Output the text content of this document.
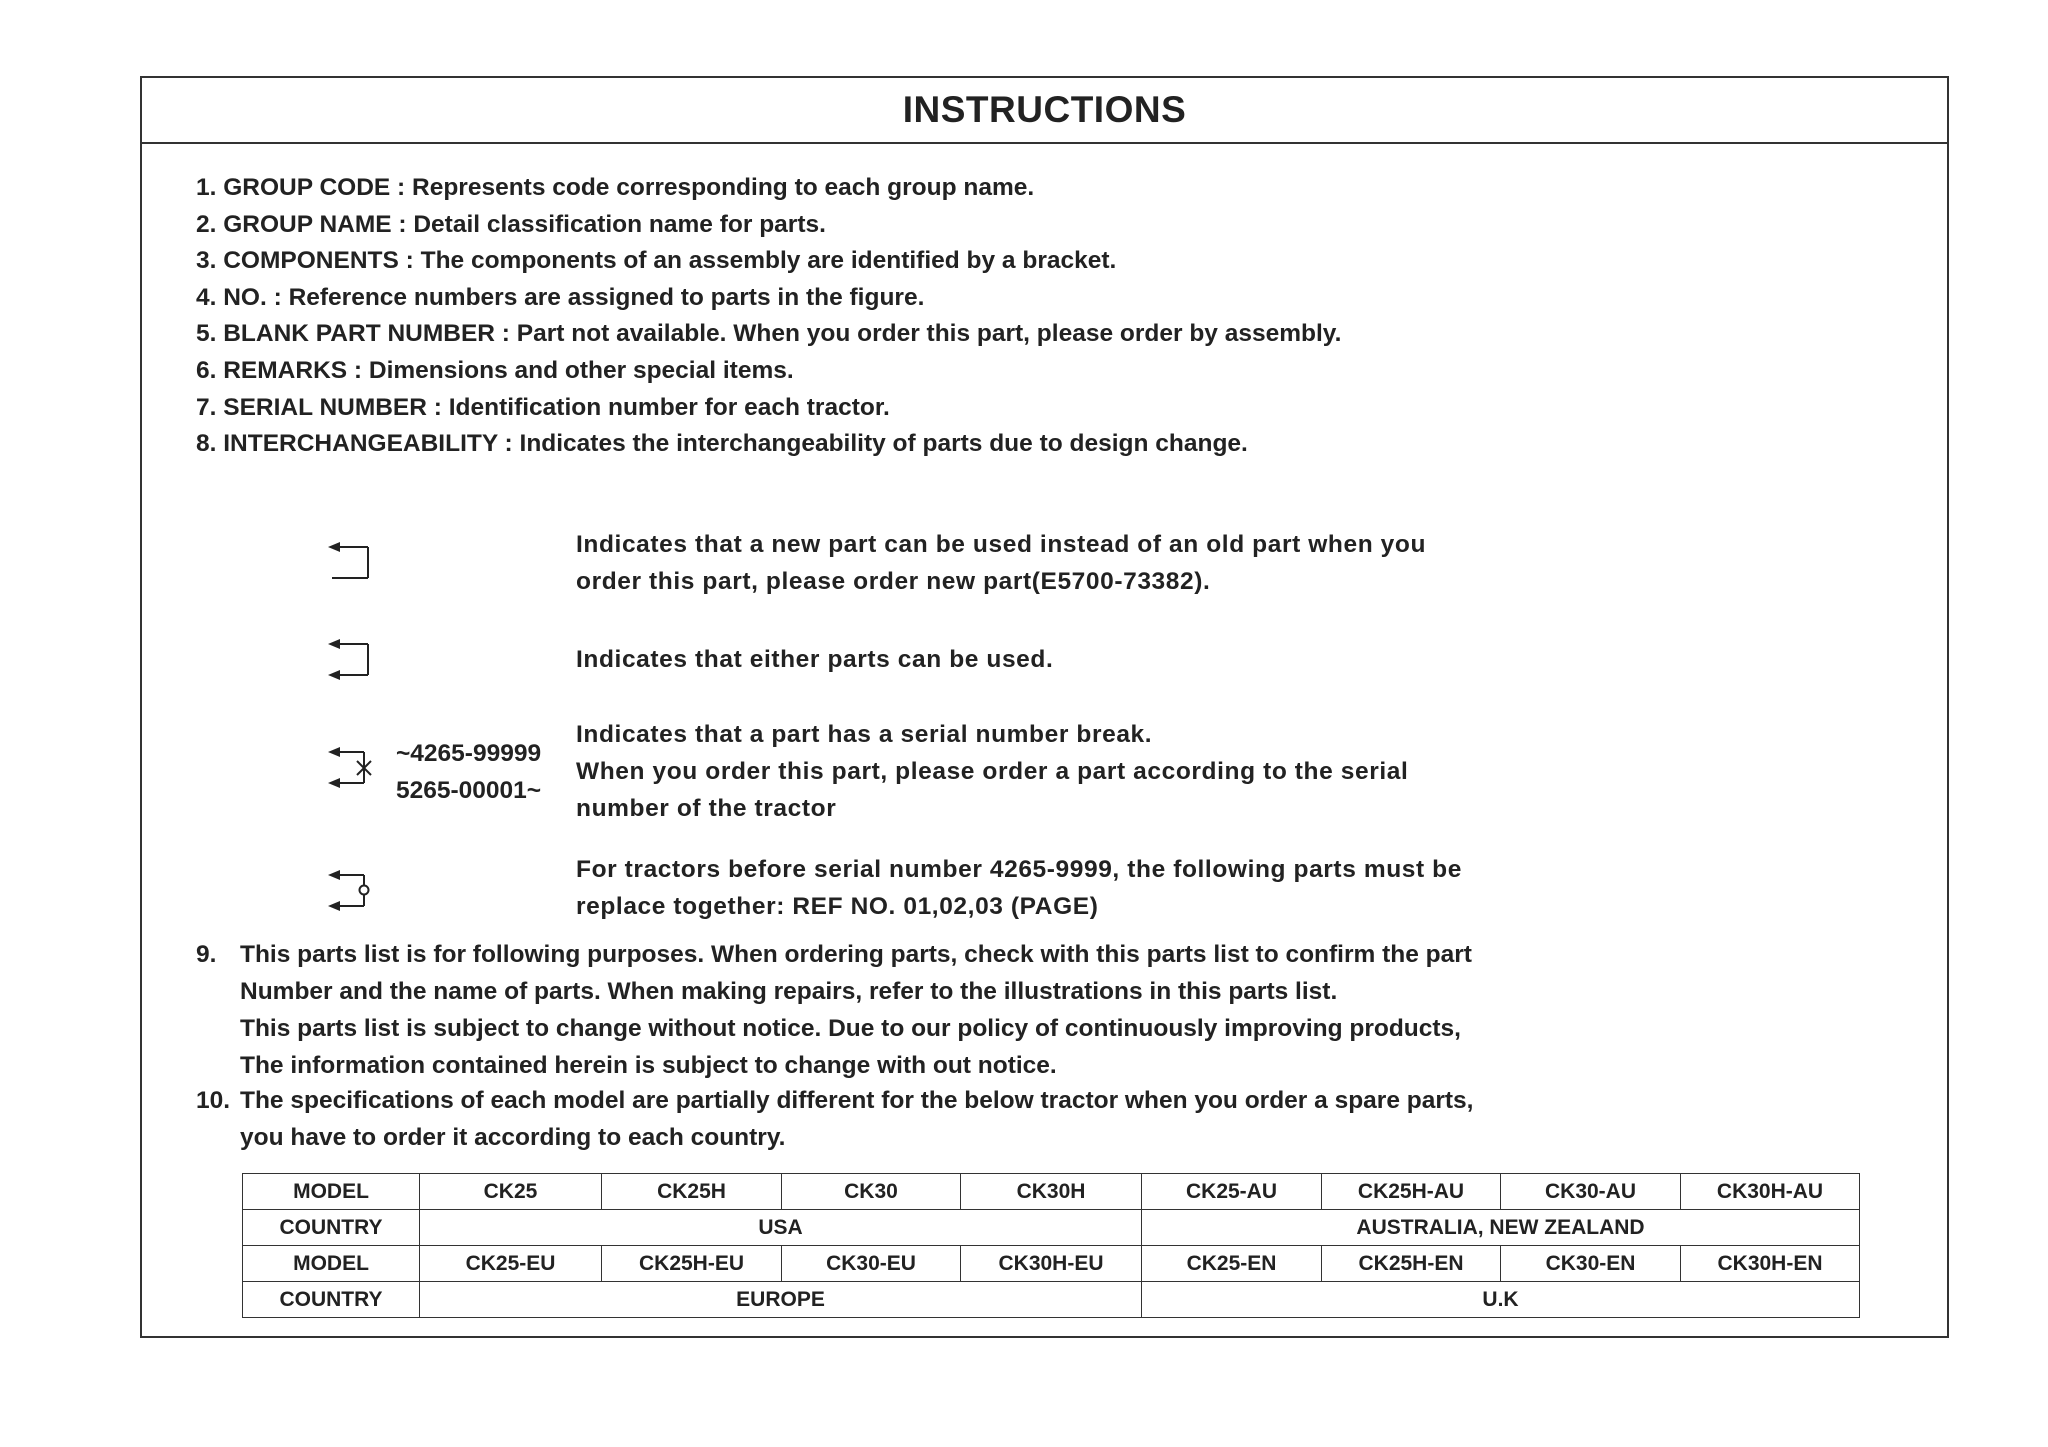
INSTRUCTIONS
1. GROUP CODE : Represents code corresponding to each group name.
2. GROUP NAME : Detail classification name for parts.
3. COMPONENTS : The components of an assembly are identified by a bracket.
4. NO. : Reference numbers are assigned to parts in the figure.
5. BLANK PART NUMBER : Part not available. When you order this part, please order by assembly.
6. REMARKS : Dimensions and other special items.
7. SERIAL NUMBER : Identification number for each tractor.
8. INTERCHANGEABILITY : Indicates the interchangeability of parts due to design change.
Indicates that a new part can be used instead of an old part when you
order this part, please order new part(E5700-73382).
Indicates that either parts can be used.
~4265-99999
5265-00001~
Indicates that a part has a serial number break.
When you order this part, please order a part according to the serial
number of the tractor
For tractors before serial number 4265-9999, the following parts must be
replace together: REF NO. 01,02,03 (PAGE)
9. This parts list is for following purposes. When ordering parts, check with this parts list to confirm the part
Number and the name of parts. When making repairs, refer to the illustrations in this parts list.
This parts list is subject to change without notice. Due to our policy of continuously improving products,
The information contained herein is subject to change with out notice.
10. The specifications of each model are partially different for the below tractor when you order a spare parts,
you have to order it according to each country.
MODEL	CK25	CK25H	CK30	CK30H	CK25-AU	CK25H-AU	CK30-AU	CK30H-AU
COUNTRY	USA				AUSTRALIA, NEW ZEALAND			
MODEL	CK25-EU	CK25H-EU	CK30-EU	CK30H-EU	CK25-EN	CK25H-EN	CK30-EN	CK30H-EN
COUNTRY	EUROPE				U.K			
